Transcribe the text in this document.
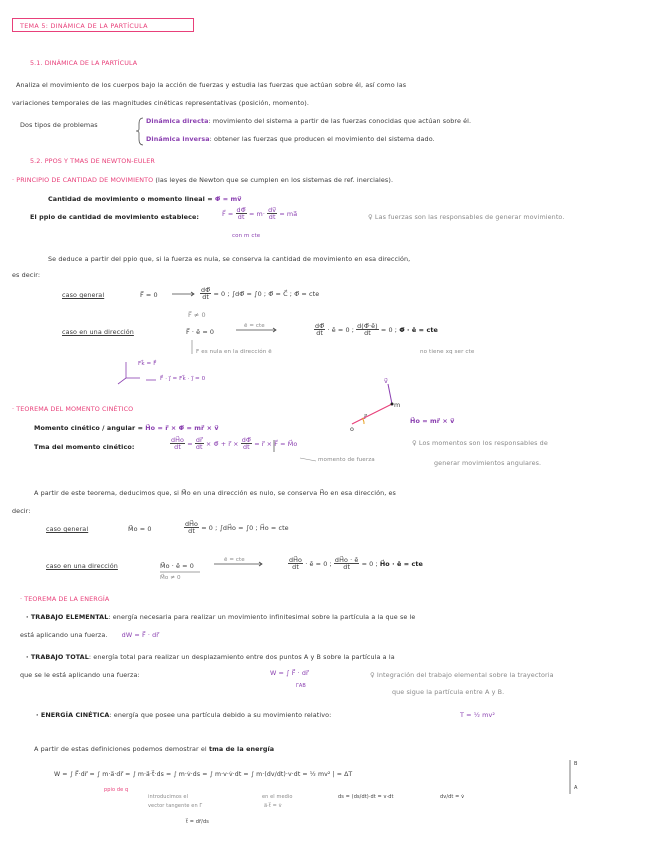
TEMA 5: DINÁMICA DE LA PARTÍCULA
5.1. DINÁMICA DE LA PARTÍCULA
Analiza el movimiento de los cuerpos bajo la acción de fuerzas y estudia las fuerzas que actúan sobre él, así como las
variaciones temporales de las magnitudes cinéticas representativas (posición, momento).
Dos tipos de problemas	Dinámica directa: movimiento del sistema a partir de las fuerzas conocidas que actúan sobre él.
Dinámica inversa: obtener las fuerzas que producen el movimiento del sistema dado.
5.2. PPOS Y TMAS DE NEWTON-EULER
· PRINCIPIO DE CANTIDAD DE MOVIMIENTO (las leyes de Newton que se cumplen en los sistemas de ref. inerciales).
Cantidad de movimiento o momento lineal = Φ⃗ = mv⃗
El ppio de cantidad de movimiento establece:	F⃗ = $\frac{d\Phi⃗}{dt} = m\cdot \frac{dv⃗}{dt}$ = ma⃗
con m cte
♀ Las fuerzas son las responsables de generar movimiento.
Se deduce a partir del ppio que, si la fuerza es nula, se conserva la cantidad de movimiento en esa dirección,
es decir:
caso general	F⃗ = 0	$\frac{d\Phi⃗}{dt} = 0$ ; ∫dΦ⃗ = ∫0 ; Φ⃗ = C⃗ ; Φ⃗ = cte
F⃗ ≠ 0
caso en una dirección	F⃗ · ē = 0
ē = cte	$\frac{d\Phi⃗}{dt}$ · ē = 0 ; $\frac{d(\Phi⃗\cdot ē)}{dt} = 0$ ; Φ⃗ · ē = cte
F es nula en la dirección ē	no tiene xq ser cte
Fk⃗ = F⃗
F⃗ · j⃗ = Fk⃗ · j⃗ = 0
· TEOREMA DEL MOMENTO CINÉTICO
Momento cinético / angular = H⃗o = r⃗ × Φ⃗ = mr⃗ × v⃗
Tma del momento cinético:	$\frac{dH⃗o}{dt} = \frac{dr⃗}{dt}$ × Φ⃗ + r⃗ × $\frac{d\Phi⃗}{dt}$ = r⃗ × F⃗ = M⃗o
momento de fuerza
♀ Los momentos son los responsables de
generar movimientos angulares.
v⃗
m
o
H⃗o = mr⃗ × v⃗
A partir de este teorema, deducimos que, si M⃗o en una dirección es nulo, se conserva H⃗o en esa dirección, es
decir:
caso general	M⃗o = 0	$\frac{dH⃗o}{dt} = 0$ ; ∫dH⃗o = ∫0 ; H⃗o = cte
caso en una dirección	M⃗o · ē = 0
M⃗o ≠ 0
ē = cte	$\frac{dH⃗o}{dt}$ · ē = 0 ; $\frac{dH⃗o \cdot ē}{dt} = 0$ ; H⃗o · ē = cte
· TEOREMA DE LA ENERGÍA
· TRABAJO ELEMENTAL: energía necesaria para realizar un movimiento infinitesimal sobre la partícula a la que se le
está aplicando una fuerza. dW = F⃗ · dr⃗
· TRABAJO TOTAL: energía total para realizar un desplazamiento entre dos puntos A y B sobre la partícula a la
que se le está aplicando una fuerza:	W = ∫ F⃗ · dr⃗
ΓAB
♀ Integración del trabajo elemental sobre la trayectoria
que sigue la partícula entre A y B.
· ENERGÍA CINÉTICA: energía que posee una partícula debido a su movimiento relativo:	T = ½ mv²
A partir de estas definiciones podemos demostrar el tma de la energía
W = ∫ F⃗·dr⃗ = ∫ m·a⃗·dr⃗ = ∫ m·a⃗·t⃗·ds = ∫ m·v̇·ds = ∫ m·v·v̇·dt = ∫ m·(dv/dt)·v·dt = ½ mv² | = ΔT
B
A
ppio de q
introducimos el
vector tangente en Γ
t⃗ = dr⃗/ds
en el medio
a⃗·t⃗ = v̇
ds = (ds/dt)·dt = v·dt	dv/dt = v̇
